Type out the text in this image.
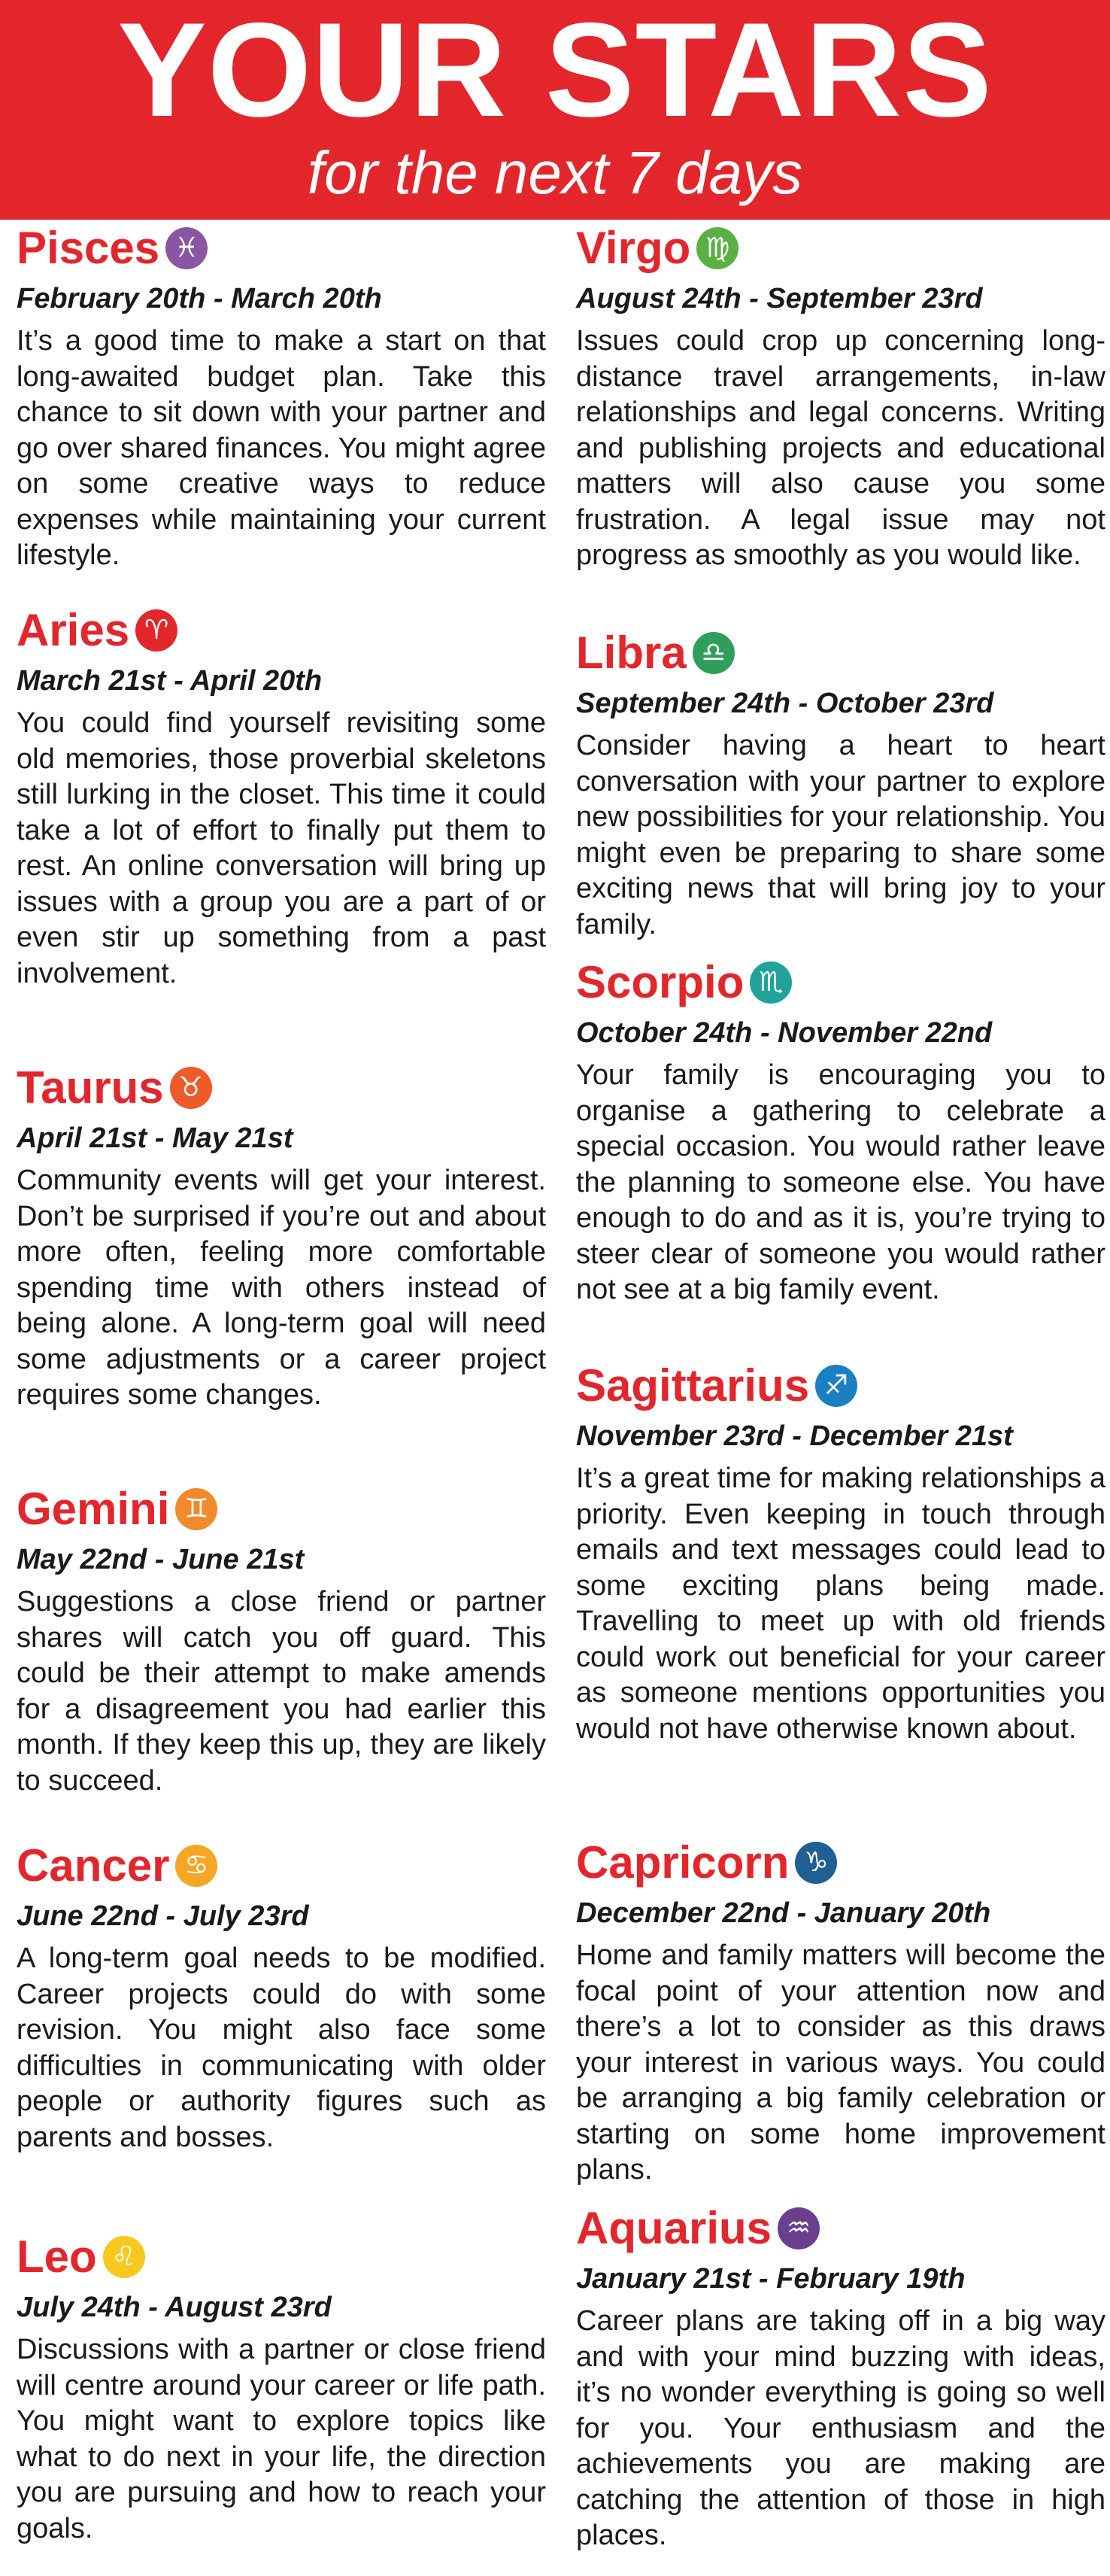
YOUR STARS
for the next 7 days
Pisces ♓
February 20th - March 20th
It’s a good time to make a start on that long-awaited budget plan. Take this chance to sit down with your partner and go over shared finances. You might agree on some creative ways to reduce expenses while maintaining your current lifestyle.
Aries ♈
March 21st - April 20th
You could find yourself revisiting some old memories, those proverbial skeletons still lurking in the closet. This time it could take a lot of effort to finally put them to rest. An online conversation will bring up issues with a group you are a part of or even stir up something from a past involvement.
Taurus ♉
April 21st - May 21st
Community events will get your interest. Don’t be surprised if you’re out and about more often, feeling more comfortable spending time with others instead of being alone. A long-term goal will need some adjustments or a career project requires some changes.
Gemini ♊
May 22nd - June 21st
Suggestions a close friend or partner shares will catch you off guard. This could be their attempt to make amends for a disagreement you had earlier this month. If they keep this up, they are likely to succeed.
Cancer ♋
June 22nd - July 23rd
A long-term goal needs to be modified. Career projects could do with some revision. You might also face some difficulties in communicating with older people or authority figures such as parents and bosses.
Leo ♌
July 24th - August 23rd
Discussions with a partner or close friend will centre around your career or life path. You might want to explore topics like what to do next in your life, the direction you are pursuing and how to reach your goals.
Virgo ♍
August 24th - September 23rd
Issues could crop up concerning long-distance travel arrangements, in-law relationships and legal concerns. Writing and publishing projects and educational matters will also cause you some frustration. A legal issue may not progress as smoothly as you would like.
Libra ♎
September 24th - October 23rd
Consider having a heart to heart conversation with your partner to explore new possibilities for your relationship. You might even be preparing to share some exciting news that will bring joy to your family.
Scorpio ♏
October 24th - November 22nd
Your family is encouraging you to organise a gathering to celebrate a special occasion. You would rather leave the planning to someone else. You have enough to do and as it is, you’re trying to steer clear of someone you would rather not see at a big family event.
Sagittarius ♐
November 23rd - December 21st
It’s a great time for making relationships a priority. Even keeping in touch through emails and text messages could lead to some exciting plans being made. Travelling to meet up with old friends could work out beneficial for your career as someone mentions opportunities you would not have otherwise known about.
Capricorn ♑
December 22nd - January 20th
Home and family matters will become the focal point of your attention now and there’s a lot to consider as this draws your interest in various ways. You could be arranging a big family celebration or starting on some home improvement plans.
Aquarius ♒
January 21st - February 19th
Career plans are taking off in a big way and with your mind buzzing with ideas, it’s no wonder everything is going so well for you. Your enthusiasm and the achievements you are making are catching the attention of those in high places.
